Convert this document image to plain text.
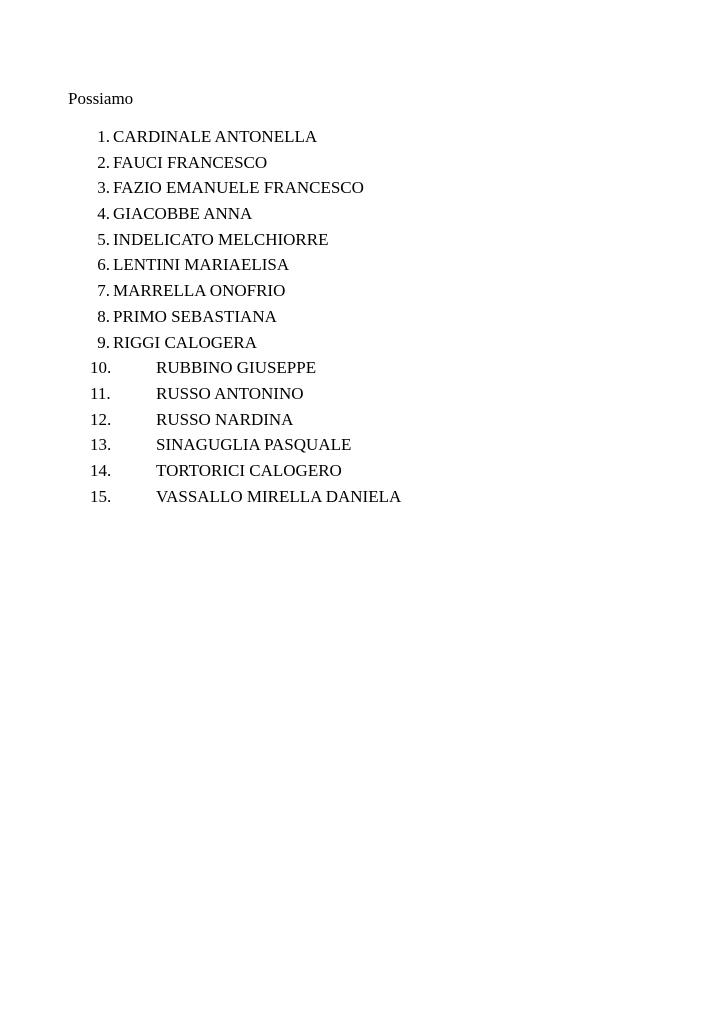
Possiamo

1. CARDINALE ANTONELLA
2. FAUCI FRANCESCO
3. FAZIO EMANUELE FRANCESCO
4. GIACOBBE ANNA
5. INDELICATO MELCHIORRE
6. LENTINI MARIAELISA
7. MARRELLA ONOFRIO
8. PRIMO SEBASTIANA
9. RIGGI CALOGERA
10.	RUBBINO GIUSEPPE
11.	RUSSO ANTONINO
12.	RUSSO NARDINA
13.	SINAGUGLIA PASQUALE
14.	TORTORICI CALOGERO
15.	VASSALLO MIRELLA DANIELA
